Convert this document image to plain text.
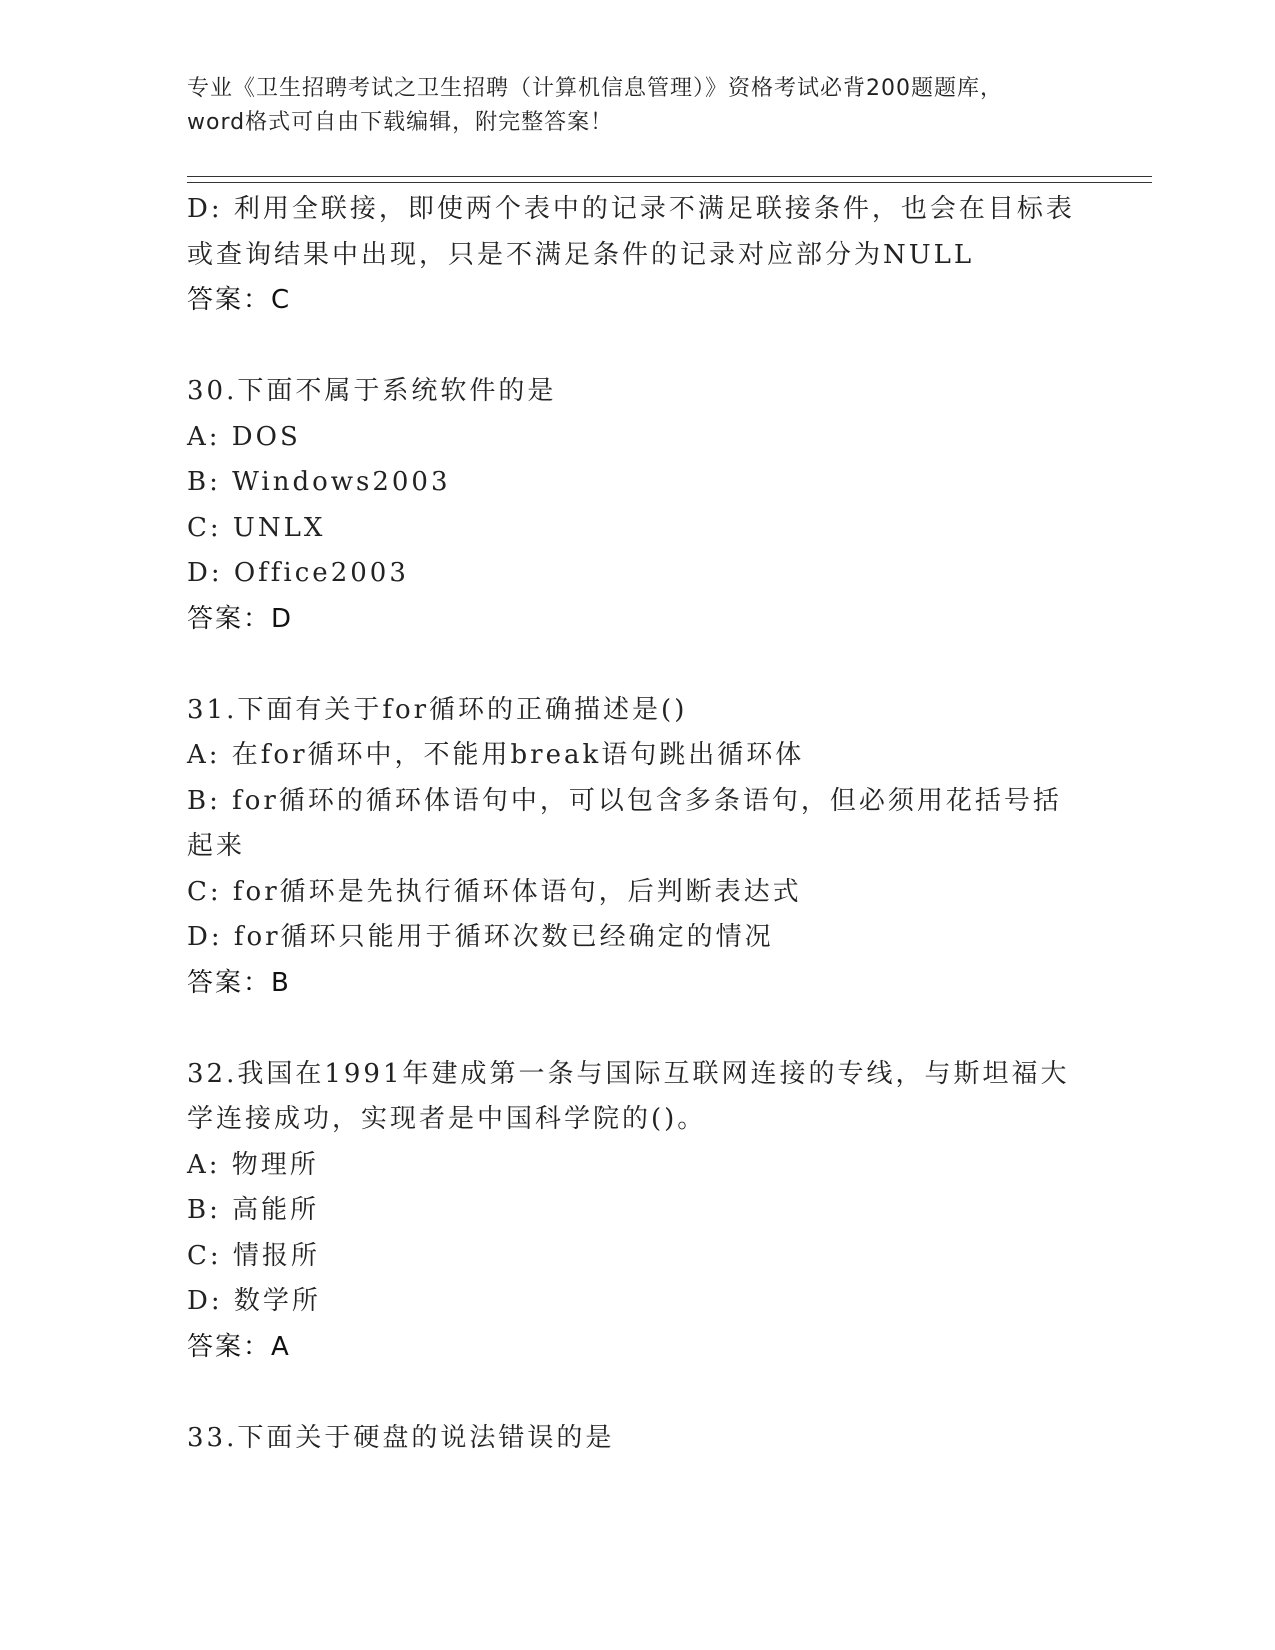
专业《卫生招聘考试之卫生招聘（计算机信息管理）》资格考试必背200题题库，
word格式可自由下载编辑，附完整答案！
D: 利用全联接，即使两个表中的记录不满足联接条件，也会在目标表
或查询结果中出现，只是不满足条件的记录对应部分为NULL
答案：C
30.下面不属于系统软件的是
A: DOS
B: Windows2003
C: UNLX
D: Office2003
答案：D
31.下面有关于for循环的正确描述是()
A: 在for循环中，不能用break语句跳出循环体
B: for循环的循环体语句中，可以包含多条语句，但必须用花括号括
起来
C: for循环是先执行循环体语句，后判断表达式
D: for循环只能用于循环次数已经确定的情况
答案：B
32.我国在1991年建成第一条与国际互联网连接的专线，与斯坦福大
学连接成功，实现者是中国科学院的()。
A: 物理所
B: 高能所
C: 情报所
D: 数学所
答案：A
33.下面关于硬盘的说法错误的是
